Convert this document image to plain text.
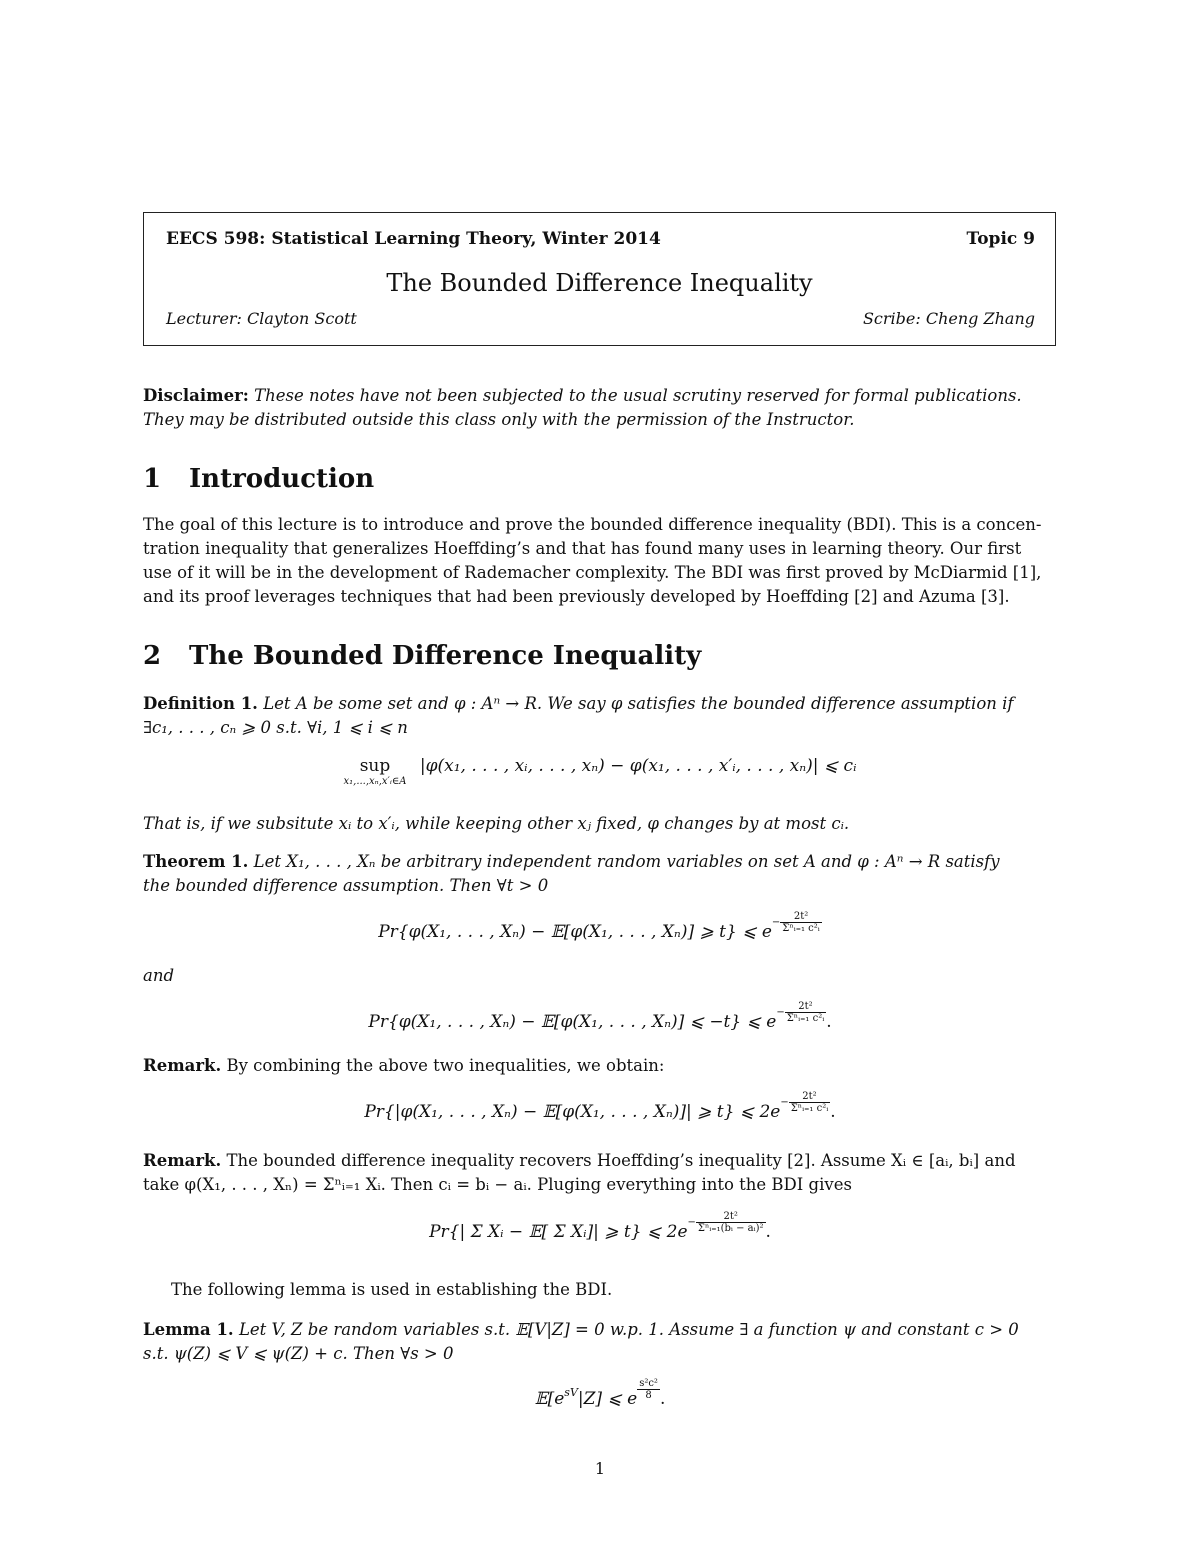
EECS 598: Statistical Learning Theory, Winter 2014	Topic 9
The Bounded Difference Inequality
Lecturer: Clayton Scott	Scribe: Cheng Zhang
Disclaimer: These notes have not been subjected to the usual scrutiny reserved for formal publications.
They may be distributed outside this class only with the permission of the Instructor.
1 Introduction
The goal of this lecture is to introduce and prove the bounded difference inequality (BDI). This is a concen-
tration inequality that generalizes Hoeffding’s and that has found many uses in learning theory. Our first
use of it will be in the development of Rademacher complexity. The BDI was first proved by McDiarmid [1],
and its proof leverages techniques that had been previously developed by Hoeffding [2] and Azuma [3].
2 The Bounded Difference Inequality
Definition 1. Let A be some set and φ : Aⁿ → R. We say φ satisfies the bounded difference assumption if
∃c₁, . . . , cₙ ⩾ 0 s.t. ∀i, 1 ⩽ i ⩽ n
sup
x₁,...,xₙ,x′ᵢ∈A
|φ(x₁, . . . , xᵢ, . . . , xₙ) − φ(x₁, . . . , x′ᵢ, . . . , xₙ)| ⩽ cᵢ
That is, if we subsitute xᵢ to x′ᵢ, while keeping other xⱼ fixed, φ changes by at most cᵢ.
Theorem 1. Let X₁, . . . , Xₙ be arbitrary independent random variables on set A and φ : Aⁿ → R satisfy
the bounded difference assumption. Then ∀t > 0
Pr{φ(X₁, . . . , Xₙ) − 𝔼[φ(X₁, . . . , Xₙ)] ⩾ t} ⩽ $e- \frac{\text{2t²}}{\text{Σⁿᵢ₌₁ c²ᵢ}}$
and
Pr{φ(X₁, . . . , Xₙ) − 𝔼[φ(X₁, . . . , Xₙ)] ⩽ −t} ⩽ $e- \frac{\text{2t²}}{\text{Σⁿᵢ₌₁ c²ᵢ}}$ .
Remark. By combining the above two inequalities, we obtain:
Pr{|φ(X₁, . . . , Xₙ) − 𝔼[φ(X₁, . . . , Xₙ)]| ⩾ t} ⩽ $2e- \frac{\text{2t²}}{\text{Σⁿᵢ₌₁ c²ᵢ}}$ .
Remark. The bounded difference inequality recovers Hoeffding’s inequality [2]. Assume Xᵢ ∈ [aᵢ, bᵢ] and
take φ(X₁, . . . , Xₙ) = Σⁿᵢ₌₁ Xᵢ. Then cᵢ = bᵢ − aᵢ. Pluging everything into the BDI gives
Pr{| Σ Xᵢ − 𝔼[ Σ Xᵢ]| ⩾ t} ⩽ $2e- \frac{\text{2t²}}{\text{Σⁿᵢ₌₁(bᵢ − aᵢ)²}}$ .
The following lemma is used in establishing the BDI.
Lemma 1. Let V, Z be random variables s.t. 𝔼[V|Z] = 0 w.p. 1. Assume ∃ a function ψ and constant c > 0
s.t. ψ(Z) ⩽ V ⩽ ψ(Z) + c. Then ∀s > 0
$𝔼[e^{sV}|Z]$ ⩽ e $\frac{\text{s²c²}}{8}$ .
1
